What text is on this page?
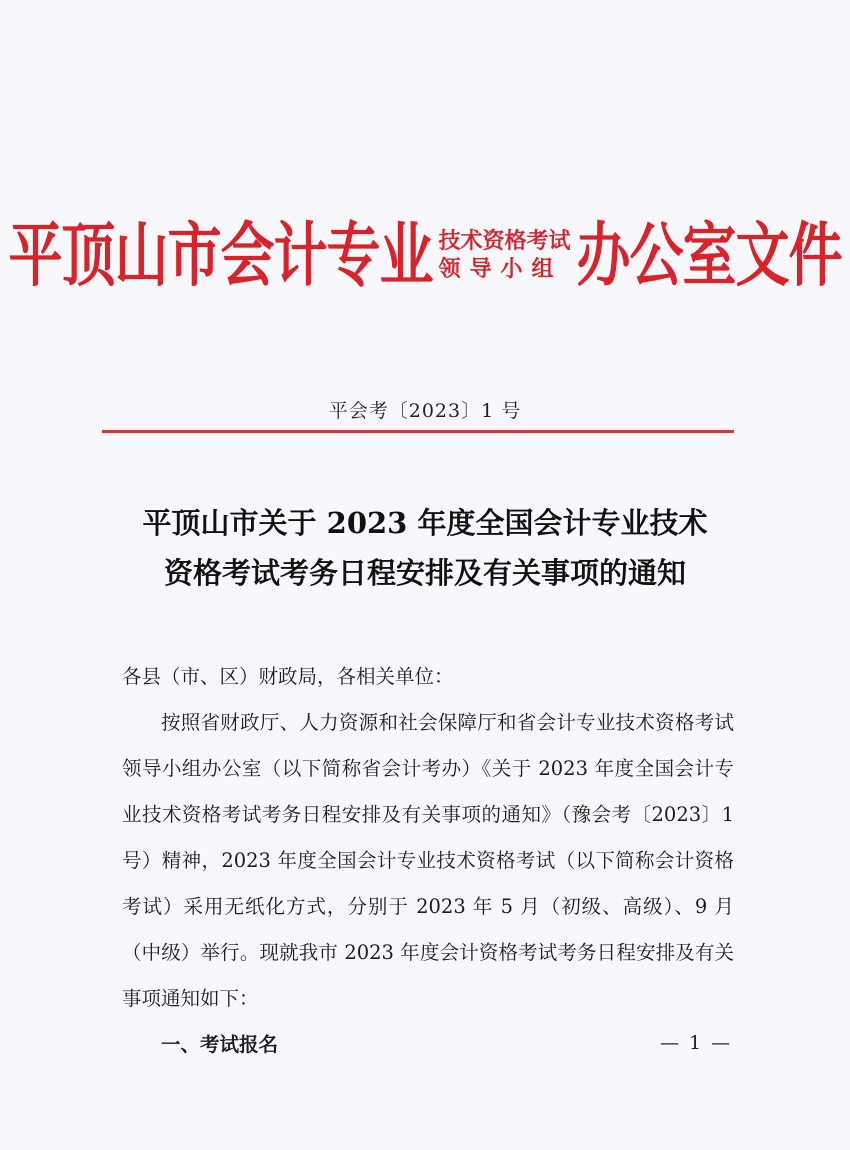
平顶山市会计专业 技术资格考试
领导小组 办公室文件
平会考〔2023〕1 号
平顶山市关于 2023 年度全国会计专业技术
资格考试考务日程安排及有关事项的通知

各县（市、区）财政局，各相关单位：

按照省财政厅、人力资源和社会保障厅和省会计专业技术资格考试领导小组办公室（以下简称省会计考办）《关于 2023 年度全国会计专业技术资格考试考务日程安排及有关事项的通知》（豫会考〔2023〕1 号）精神，2023 年度全国会计专业技术资格考试（以下简称会计资格考试）采用无纸化方式，分别于 2023 年 5 月（初级、高级）、9 月（中级）举行。现就我市 2023 年度会计资格考试考务日程安排及有关事项通知如下：

一、考试报名	— 1 —
